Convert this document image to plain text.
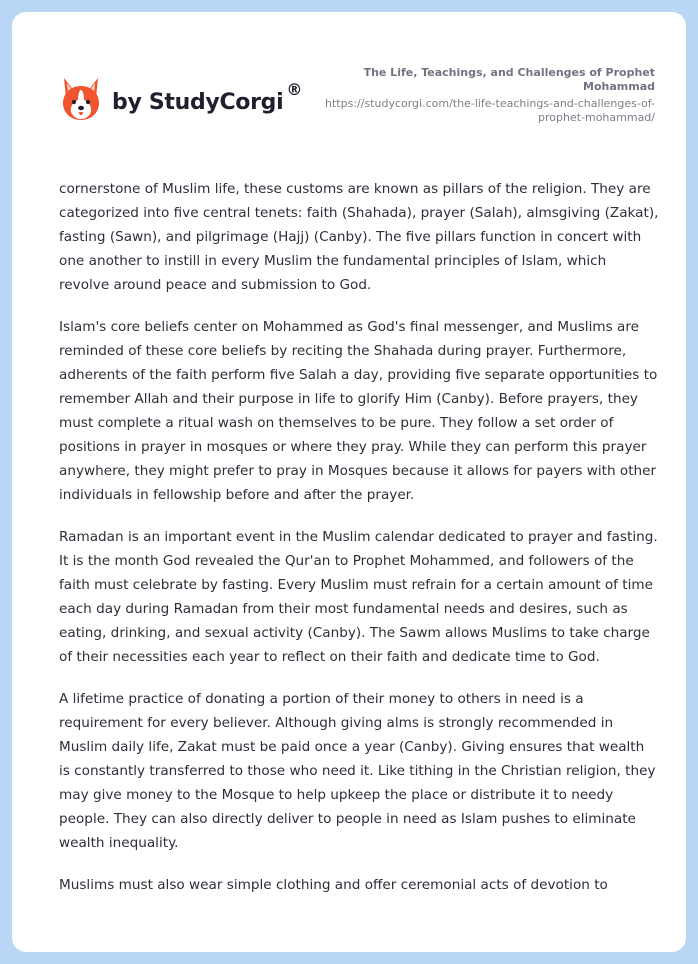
by StudyCorgi
®
The Life, Teachings, and Challenges of Prophet Mohammad
https://studycorgi.com/the-life-teachings-and-challenges-of-prophet-mohammad/

cornerstone of Muslim life, these customs are known as pillars of the religion. They are categorized into five central tenets: faith (Shahada), prayer (Salah), almsgiving (Zakat), fasting (Sawn), and pilgrimage (Hajj) (Canby). The five pillars function in concert with one another to instill in every Muslim the fundamental principles of Islam, which revolve around peace and submission to God.

Islam's core beliefs center on Mohammed as God's final messenger, and Muslims are reminded of these core beliefs by reciting the Shahada during prayer. Furthermore, adherents of the faith perform five Salah a day, providing five separate opportunities to remember Allah and their purpose in life to glorify Him (Canby). Before prayers, they must complete a ritual wash on themselves to be pure. They follow a set order of positions in prayer in mosques or where they pray. While they can perform this prayer anywhere, they might prefer to pray in Mosques because it allows for payers with other individuals in fellowship before and after the prayer.

Ramadan is an important event in the Muslim calendar dedicated to prayer and fasting. It is the month God revealed the Qur'an to Prophet Mohammed, and followers of the faith must celebrate by fasting. Every Muslim must refrain for a certain amount of time each day during Ramadan from their most fundamental needs and desires, such as eating, drinking, and sexual activity (Canby). The Sawm allows Muslims to take charge of their necessities each year to reflect on their faith and dedicate time to God.

A lifetime practice of donating a portion of their money to others in need is a requirement for every believer. Although giving alms is strongly recommended in Muslim daily life, Zakat must be paid once a year (Canby). Giving ensures that wealth is constantly transferred to those who need it. Like tithing in the Christian religion, they may give money to the Mosque to help upkeep the place or distribute it to needy people. They can also directly deliver to people in need as Islam pushes to eliminate wealth inequality.

Muslims must also wear simple clothing and offer ceremonial acts of devotion to
